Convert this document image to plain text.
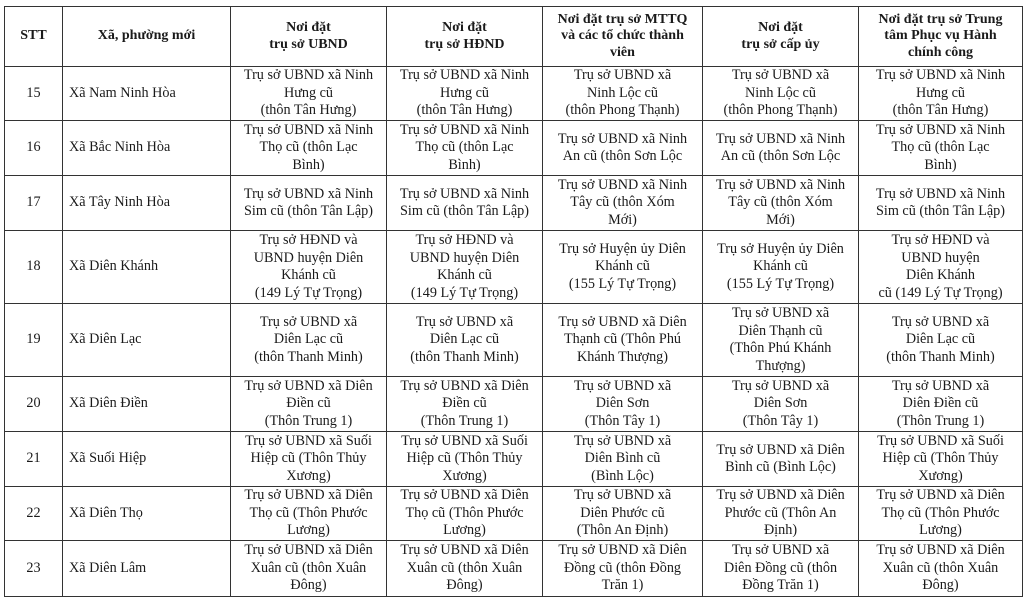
STT	Xã, phường mới	Nơi đặt
trụ sở UBND	Nơi đặt
trụ sở HĐND	Nơi đặt trụ sở MTTQ
và các tổ chức thành
viên	Nơi đặt
trụ sở cấp ủy	Nơi đặt trụ sở Trung
tâm Phục vụ Hành
chính công
15	Xã Nam Ninh Hòa	Trụ sở UBND xã Ninh
Hưng cũ
(thôn Tân Hưng)	Trụ sở UBND xã Ninh
Hưng cũ
(thôn Tân Hưng)	Trụ sở UBND xã
Ninh Lộc cũ
(thôn Phong Thạnh)	Trụ sở UBND xã
Ninh Lộc cũ
(thôn Phong Thạnh)	Trụ sở UBND xã Ninh
Hưng cũ
(thôn Tân Hưng)
16	Xã Bắc Ninh Hòa	Trụ sở UBND xã Ninh
Thọ cũ (thôn Lạc
Bình)	Trụ sở UBND xã Ninh
Thọ cũ (thôn Lạc
Bình)	Trụ sở UBND xã Ninh
An cũ (thôn Sơn Lộc	Trụ sở UBND xã Ninh
An cũ (thôn Sơn Lộc	Trụ sở UBND xã Ninh
Thọ cũ (thôn Lạc
Bình)
17	Xã Tây Ninh Hòa	Trụ sở UBND xã Ninh
Sim cũ (thôn Tân Lập)	Trụ sở UBND xã Ninh
Sim cũ (thôn Tân Lập)	Trụ sở UBND xã Ninh
Tây cũ (thôn Xóm
Mới)	Trụ sở UBND xã Ninh
Tây cũ (thôn Xóm
Mới)	Trụ sở UBND xã Ninh
Sim cũ (thôn Tân Lập)
18	Xã Diên Khánh	Trụ sở HĐND và
UBND huyện Diên
Khánh cũ
(149 Lý Tự Trọng)	Trụ sở HĐND và
UBND huyện Diên
Khánh cũ
(149 Lý Tự Trọng)	Trụ sở Huyện ủy Diên
Khánh cũ
(155 Lý Tự Trọng)	Trụ sở Huyện ủy Diên
Khánh cũ
(155 Lý Tự Trọng)	Trụ sở HĐND và
UBND huyện
Diên Khánh
cũ (149 Lý Tự Trọng)
19	Xã Diên Lạc	Trụ sở UBND xã
Diên Lạc cũ
(thôn Thanh Minh)	Trụ sở UBND xã
Diên Lạc cũ
(thôn Thanh Minh)	Trụ sở UBND xã Diên
Thạnh cũ (Thôn Phú
Khánh Thượng)	Trụ sở UBND xã
Diên Thạnh cũ
(Thôn Phú Khánh
Thượng)	Trụ sở UBND xã
Diên Lạc cũ
(thôn Thanh Minh)
20	Xã Diên Điền	Trụ sở UBND xã Diên
Điền cũ
(Thôn Trung 1)	Trụ sở UBND xã Diên
Điền cũ
(Thôn Trung 1)	Trụ sở UBND xã
Diên Sơn
(Thôn Tây 1)	Trụ sở UBND xã
Diên Sơn
(Thôn Tây 1)	Trụ sở UBND xã
Diên Điền cũ
(Thôn Trung 1)
21	Xã Suối Hiệp	Trụ sở UBND xã Suối
Hiệp cũ (Thôn Thủy
Xương)	Trụ sở UBND xã Suối
Hiệp cũ (Thôn Thủy
Xương)	Trụ sở UBND xã
Diên Bình cũ
(Bình Lộc)	Trụ sở UBND xã Diên
Bình cũ (Bình Lộc)	Trụ sở UBND xã Suối
Hiệp cũ (Thôn Thủy
Xương)
22	Xã Diên Thọ	Trụ sở UBND xã Diên
Thọ cũ (Thôn Phước
Lương)	Trụ sở UBND xã Diên
Thọ cũ (Thôn Phước
Lương)	Trụ sở UBND xã
Diên Phước cũ
(Thôn An Định)	Trụ sở UBND xã Diên
Phước cũ (Thôn An
Định)	Trụ sở UBND xã Diên
Thọ cũ (Thôn Phước
Lương)
23	Xã Diên Lâm	Trụ sở UBND xã Diên
Xuân cũ (thôn Xuân
Đông)	Trụ sở UBND xã Diên
Xuân cũ (thôn Xuân
Đông)	Trụ sở UBND xã Diên
Đồng cũ (thôn Đồng
Trăn 1)	Trụ sở UBND xã
Diên Đồng cũ (thôn
Đồng Trăn 1)	Trụ sở UBND xã Diên
Xuân cũ (thôn Xuân
Đông)
